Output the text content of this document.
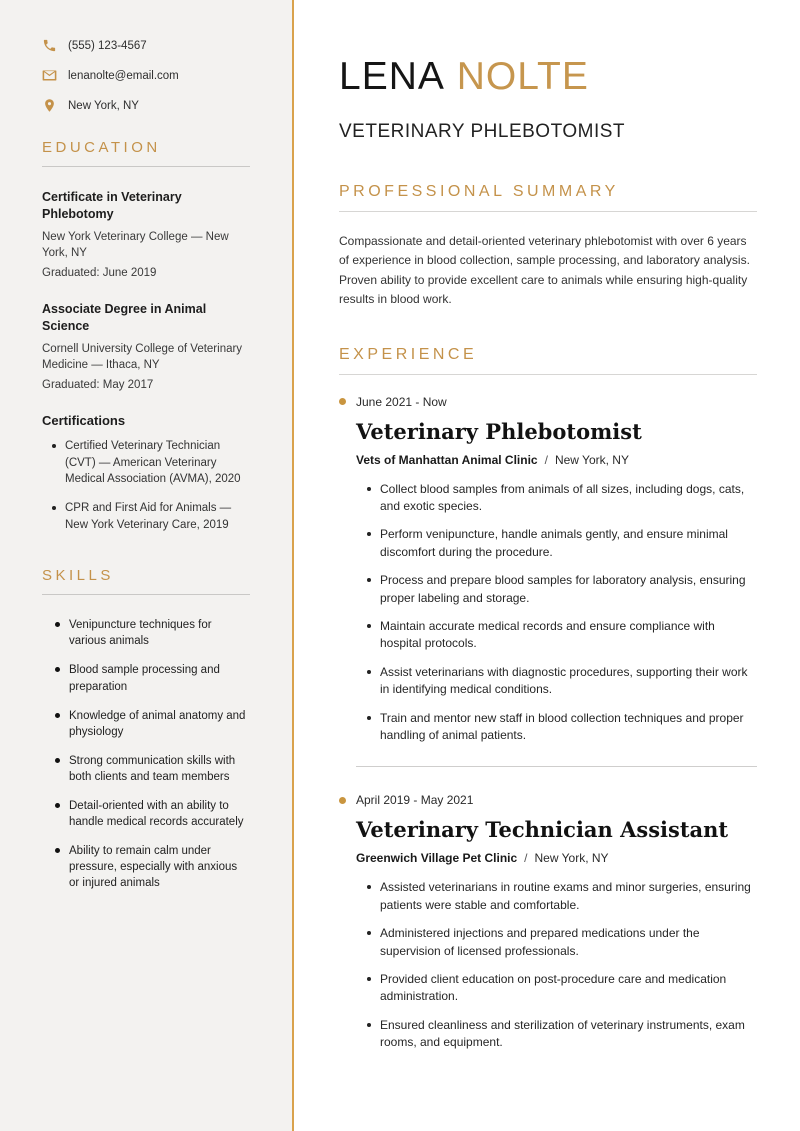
(555) 123-4567
lenanolte@email.com
New York, NY
EDUCATION
Certificate in Veterinary Phlebotomy
New York Veterinary College — New York, NY
Graduated: June 2019
Associate Degree in Animal Science
Cornell University College of Veterinary Medicine — Ithaca, NY
Graduated: May 2017
Certifications
Certified Veterinary Technician (CVT) — American Veterinary Medical Association (AVMA), 2020
CPR and First Aid for Animals — New York Veterinary Care, 2019
SKILLS
Venipuncture techniques for various animals
Blood sample processing and preparation
Knowledge of animal anatomy and physiology
Strong communication skills with both clients and team members
Detail-oriented with an ability to handle medical records accurately
Ability to remain calm under pressure, especially with anxious or injured animals
LENA NOLTE
VETERINARY PHLEBOTOMIST
PROFESSIONAL SUMMARY

Compassionate and detail-oriented veterinary phlebotomist with over 6 years of experience in blood collection, sample processing, and laboratory analysis. Proven ability to provide excellent care to animals while ensuring high-quality results in blood work.

EXPERIENCE
June 2021 - Now
Veterinary Phlebotomist
Vets of Manhattan Animal Clinic / New York, NY
Collect blood samples from animals of all sizes, including dogs, cats, and exotic species.
Perform venipuncture, handle animals gently, and ensure minimal discomfort during the procedure.
Process and prepare blood samples for laboratory analysis, ensuring proper labeling and storage.
Maintain accurate medical records and ensure compliance with hospital protocols.
Assist veterinarians with diagnostic procedures, supporting their work in identifying medical conditions.
Train and mentor new staff in blood collection techniques and proper handling of animal patients.
April 2019 - May 2021
Veterinary Technician Assistant
Greenwich Village Pet Clinic / New York, NY
Assisted veterinarians in routine exams and minor surgeries, ensuring patients were stable and comfortable.
Administered injections and prepared medications under the supervision of licensed professionals.
Provided client education on post-procedure care and medication administration.
Ensured cleanliness and sterilization of veterinary instruments, exam rooms, and equipment.
